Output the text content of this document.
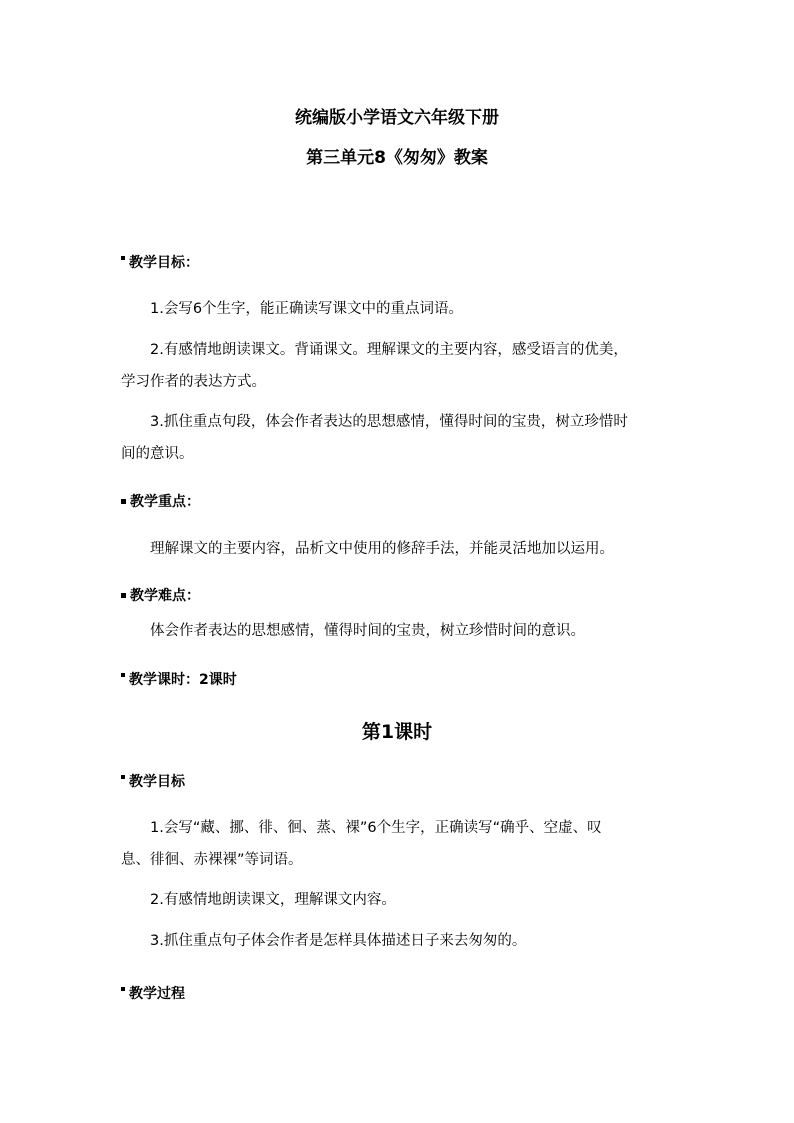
统编版小学语文六年级下册
第三单元8《匆匆》教案
教学目标：
1.会写6个生字，能正确读写课文中的重点词语。
2.有感情地朗读课文。背诵课文。理解课文的主要内容，感受语言的优美，
学习作者的表达方式。
3.抓住重点句段，体会作者表达的思想感情，懂得时间的宝贵，树立珍惜时
间的意识。
教学重点：
理解课文的主要内容，品析文中使用的修辞手法，并能灵活地加以运用。
教学难点：
体会作者表达的思想感情，懂得时间的宝贵，树立珍惜时间的意识。
教学课时：2课时
第1课时
教学目标
1.会写“藏、挪、徘、徊、蒸、裸”6个生字，正确读写“确乎、空虚、叹
息、徘徊、赤裸裸”等词语。
2.有感情地朗读课文，理解课文内容。
3.抓住重点句子体会作者是怎样具体描述日子来去匆匆的。
教学过程
